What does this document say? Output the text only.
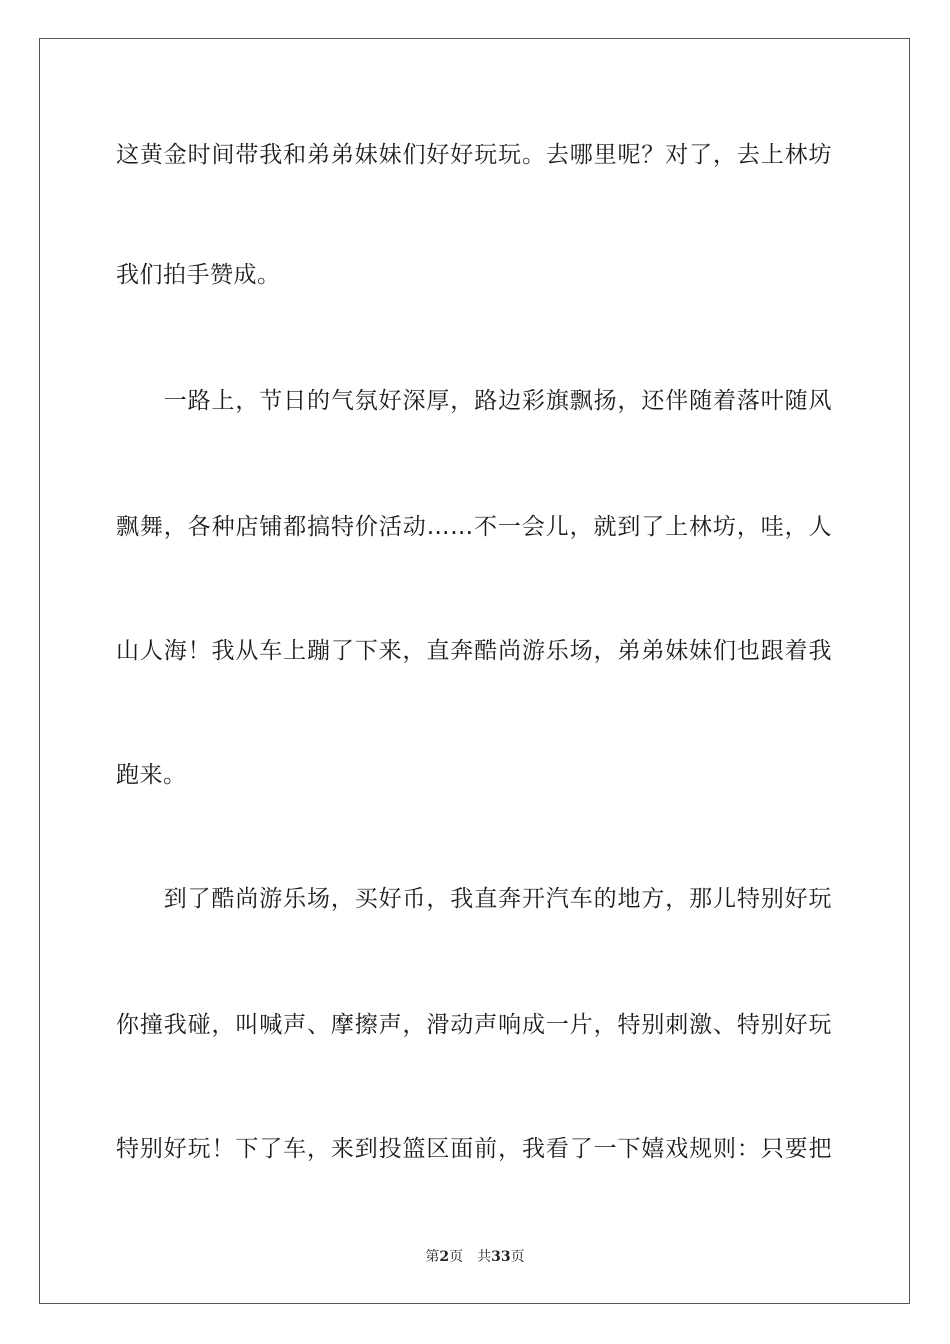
这黄金时间带我和弟弟妹妹们好好玩玩。去哪里呢？对了，去上林坊
我们拍手赞成。
　　一路上，节日的气氛好深厚，路边彩旗飘扬，还伴随着落叶随风
飘舞，各种店铺都搞特价活动……不一会儿，就到了上林坊，哇，人
山人海！我从车上蹦了下来，直奔酷尚游乐场，弟弟妹妹们也跟着我
跑来。
　　到了酷尚游乐场，买好币，我直奔开汽车的地方，那儿特别好玩
你撞我碰，叫喊声、摩擦声，滑动声响成一片，特别刺激、特别好玩
特别好玩！下了车，来到投篮区面前，我看了一下嬉戏规则：只要把
第2页 共33页
